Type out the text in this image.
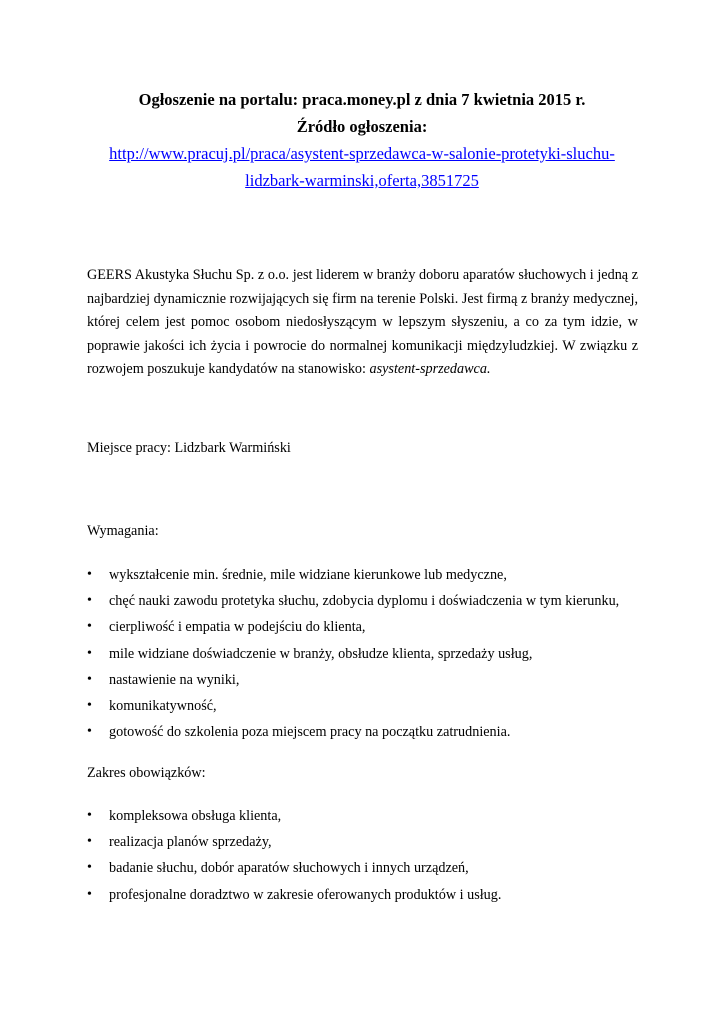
Ogłoszenie na portalu: praca.money.pl z dnia 7 kwietnia 2015 r.
Źródło ogłoszenia:
http://www.pracuj.pl/praca/asystent-sprzedawca-w-salonie-protetyki-sluchu-
lidzbark-warminski,oferta,3851725
GEERS Akustyka Słuchu Sp. z o.o. jest liderem w branży doboru aparatów słuchowych i jedną z najbardziej dynamicznie rozwijających się firm na terenie Polski. Jest firmą z branży medycznej, której celem jest pomoc osobom niedosłyszącym w lepszym słyszeniu, a co za tym idzie, w poprawie jakości ich życia i powrocie do normalnej komunikacji międzyludzkiej. W związku z rozwojem poszukuje kandydatów na stanowisko: asystent-sprzedawca.
Miejsce pracy: Lidzbark Warmiński
Wymagania:
• wykształcenie min. średnie, mile widziane kierunkowe lub medyczne,
• chęć nauki zawodu protetyka słuchu, zdobycia dyplomu i doświadczenia w tym kierunku,
• cierpliwość i empatia w podejściu do klienta,
• mile widziane doświadczenie w branży, obsłudze klienta, sprzedaży usług,
• nastawienie na wyniki,
• komunikatywność,
• gotowość do szkolenia poza miejscem pracy na początku zatrudnienia.
Zakres obowiązków:
• kompleksowa obsługa klienta,
• realizacja planów sprzedaży,
• badanie słuchu, dobór aparatów słuchowych i innych urządzeń,
• profesjonalne doradztwo w zakresie oferowanych produktów i usług.
